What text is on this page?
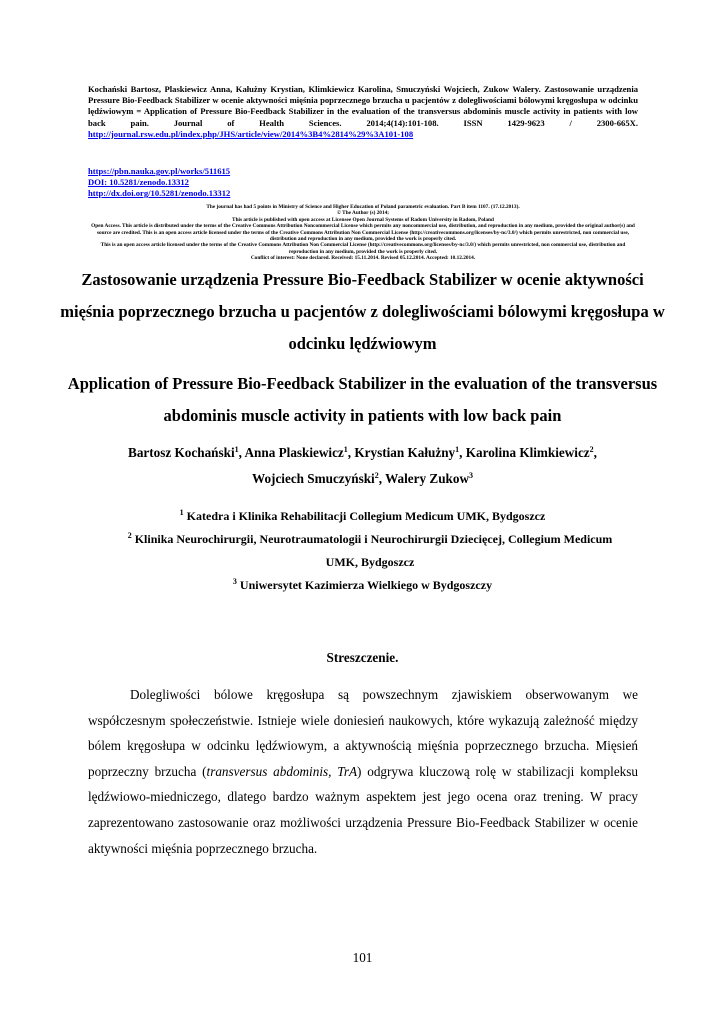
Kochański Bartosz, Plaskiewicz Anna, Kałużny Krystian, Klimkiewicz Karolina, Smuczyński Wojciech, Zukow Walery. Zastosowanie urządzenia Pressure Bio-Feedback Stabilizer w ocenie aktywności mięśnia poprzecznego brzucha u pacjentów z dolegliwościami bólowymi kręgosłupa w odcinku lędźwiowym = Application of Pressure Bio-Feedback Stabilizer in the evaluation of the transversus abdominis muscle activity in patients with low back pain. Journal of Health Sciences. 2014;4(14):101-108. ISSN 1429-9623 / 2300-665X. http://journal.rsw.edu.pl/index.php/JHS/article/view/2014%3B4%2814%29%3A101-108
https://pbn.nauka.gov.pl/works/511615
DOI: 10.5281/zenodo.13312
http://dx.doi.org/10.5281/zenodo.13312
The journal has had 5 points in Ministry of Science and Higher Education of Poland parametric evaluation. Part B item 1107. (17.12.2013).
© The Author (s) 2014;
This article is published with open access at Licensee Open Journal Systems of Radom University in Radom, Poland
Open Access. This article is distributed under the terms of the Creative Commons Attribution Noncommercial License which permits any noncommercial use, distribution, and reproduction in any medium, provided the original author(s) and source are credited. This is an open access article licensed under the terms of the Creative Commons Attribution Non Commercial License (http://creativecommons.org/licenses/by-nc/3.0/) which permits unrestricted, non commercial use, distribution and reproduction in any medium, provided the work is properly cited.
This is an open access article licensed under the terms of the Creative Commons Attribution Non Commercial License (http://creativecommons.org/licenses/by-nc/3.0/) which permits unrestricted, non commercial use, distribution and reproduction in any medium, provided the work is properly cited.
Conflict of interest: None declared. Received: 15.11.2014. Revised 05.12.2014. Accepted: 10.12.2014.
Zastosowanie urządzenia Pressure Bio-Feedback Stabilizer w ocenie aktywności mięśnia poprzecznego brzucha u pacjentów z dolegliwościami bólowymi kręgosłupa w odcinku lędźwiowym
Application of Pressure Bio-Feedback Stabilizer in the evaluation of the transversus abdominis muscle activity in patients with low back pain
Bartosz Kochański$^1$, Anna Plaskiewicz$^1$, Krystian Kałużny$^1$, Karolina Klimkiewicz$^2$,
Wojciech Smuczyński$^2$, Walery Zukow$^3$
$^1$ Katedra i Klinika Rehabilitacji Collegium Medicum UMK, Bydgoszcz
$^2$ Klinika Neurochirurgii, Neurotraumatologii i Neurochirurgii Dziecięcej, Collegium Medicum UMK, Bydgoszcz
$^3$ Uniwersytet Kazimierza Wielkiego w Bydgoszczy
Streszczenie.
Dolegliwości bólowe kręgosłupa są powszechnym zjawiskiem obserwowanym we współczesnym społeczeństwie. Istnieje wiele doniesień naukowych, które wykazują zależność między bólem kręgosłupa w odcinku lędźwiowym, a aktywnością mięśnia poprzecznego brzucha. Mięsień poprzeczny brzucha (transversus abdominis, TrA) odgrywa kluczową rolę w stabilizacji kompleksu lędźwiowo-miedniczego, dlatego bardzo ważnym aspektem jest jego ocena oraz trening. W pracy zaprezentowano zastosowanie oraz możliwości urządzenia Pressure Bio-Feedback Stabilizer w ocenie aktywności mięśnia poprzecznego brzucha.
101
